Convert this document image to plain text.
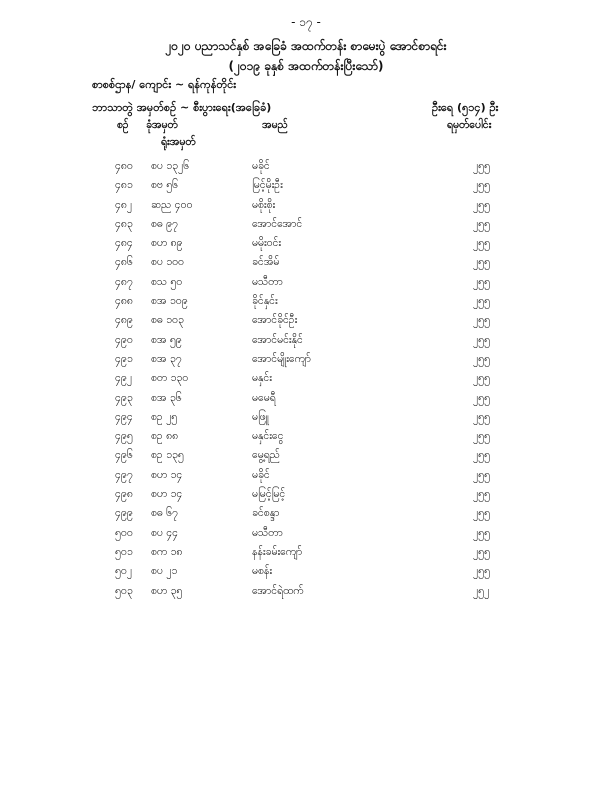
- ၁၇ -
၂၀၂၀ ပညာသင်နှစ် အခြေခံ အထက်တန်း စာမေးပွဲ အောင်စာရင်း
(၂၀၁၉ ခုနှစ် အထက်တန်းပြီးသော်)
စာစစ်ဌာန/ ကျောင်း ~ ရန်ကုန်တိုင်း
ဘာသာတွဲ အမှတ်စဉ် ~ စီးပွားရေး(အခြေခံ)	ဦးရေ (၅၁၄) ဦး
စဉ် ခုံအမှတ်
ရုံးအမှတ်
အမည်	ရမှတ်ပေါင်း
၄၈၀ စပ ၁၃၂၆	မခိုင်	၂၅၅
၄၈၁ စဗ ၅၆	မြင့်မိုးဦး	၂၅၅
၄၈၂ ဆည ၄၀၀	မစိုးစိုး	၂၅၅
၄၈၃ စဓ ၉၇	အောင်အောင်	၂၅၅
၄၈၄ စဟ ၈၉	မမိုးဝင်း	၂၅၅
၄၈၆ စပ ၁၀၀	ခင်အိမ်	၂၅၅
၄၈၇ စသ ၅၀	မသီတာ	၂၅၅
၄၈၈ စအ ၁၀၉	ခိုင်နှင်း	၂၅၅
၄၈၉ စဓ ၁၀၃	အောင်ခိုင်ဦး	၂၅၅
၄၉၀ စအ ၅၉	အောင်မင်းနိုင်	၂၅၅
၄၉၁ စအ ၃၇	အောင်မျိုးကျော်	၂၅၅
၄၉၂ စတ ၁၃၀	မနှင်း	၂၅၅
၄၉၃ စအ ၃၆	မမေရီ	၂၅၅
၄၉၄ စဥ ၂၅	မဖြူ	၂၅၅
၄၉၅ စဥ ၈၈	မနှင်းငွေ	၂၅၅
၄၉၆ စဥ ၁၃၅	မွေ့ရည်	၂၅၅
၄၉၇ စဟ ၁၄	မခိုင်	၂၅၅
၄၉၈ စဟ ၁၄	မမြင့်မြင့်	၂၅၅
၄၉၉ စဓ ၆၇	ခင်စန္ဒာ	၂၅၅
၅၀၀ စပ ၄၄	မသီတာ	၂၅၅
၅၀၁ စက ၁၈	နန်းခမ်းကျော်	၂၅၅
၅၀၂ စပ ၂၁	မစန်း	၂၅၅
၅၀၃ စဟ ၃၅	အောင်ရဲထက်	၂၅၂
